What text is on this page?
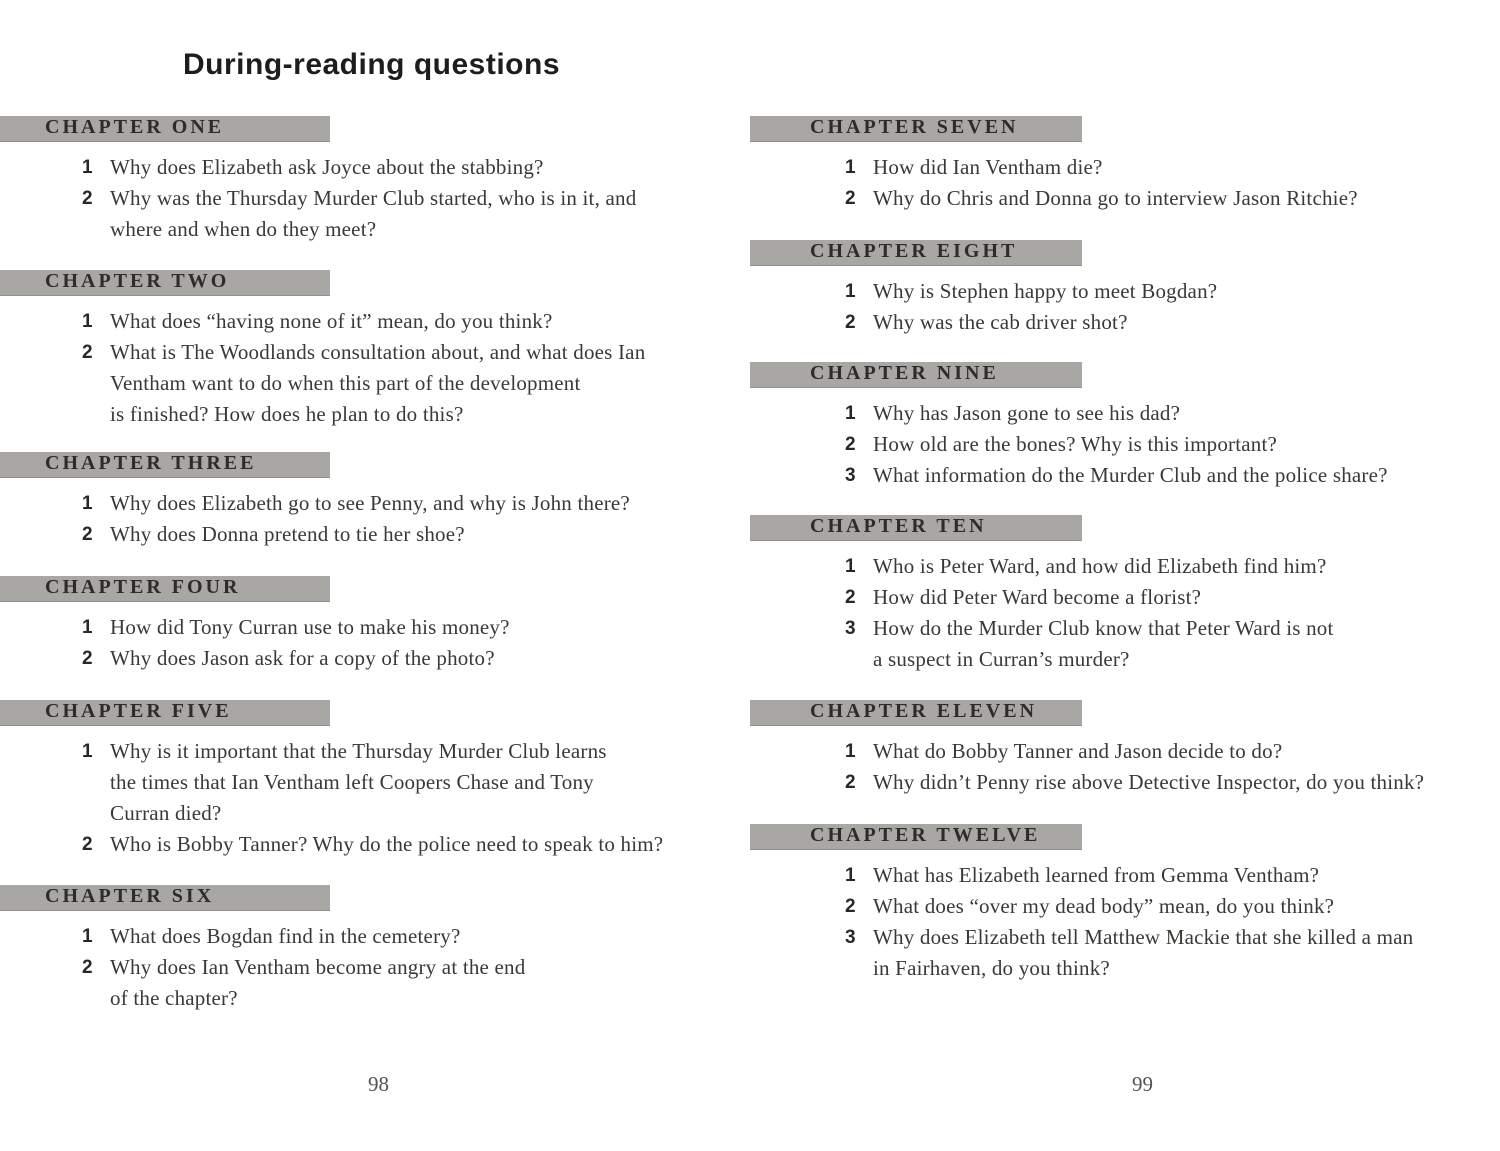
During-reading questions
CHAPTER ONE
1 Why does Elizabeth ask Joyce about the stabbing?
2 Why was the Thursday Murder Club started, who is in it, and
where and when do they meet?
CHAPTER TWO
1 What does “having none of it” mean, do you think?
2 What is The Woodlands consultation about, and what does Ian
Ventham want to do when this part of the development
is finished? How does he plan to do this?
CHAPTER THREE
1 Why does Elizabeth go to see Penny, and why is John there?
2 Why does Donna pretend to tie her shoe?
CHAPTER FOUR
1 How did Tony Curran use to make his money?
2 Why does Jason ask for a copy of the photo?
CHAPTER FIVE
1 Why is it important that the Thursday Murder Club learns
the times that Ian Ventham left Coopers Chase and Tony
Curran died?
2 Who is Bobby Tanner? Why do the police need to speak to him?
CHAPTER SIX
1 What does Bogdan find in the cemetery?
2 Why does Ian Ventham become angry at the end
of the chapter?
CHAPTER SEVEN
1 How did Ian Ventham die?
2 Why do Chris and Donna go to interview Jason Ritchie?
CHAPTER EIGHT
1 Why is Stephen happy to meet Bogdan?
2 Why was the cab driver shot?
CHAPTER NINE
1 Why has Jason gone to see his dad?
2 How old are the bones? Why is this important?
3 What information do the Murder Club and the police share?
CHAPTER TEN
1 Who is Peter Ward, and how did Elizabeth find him?
2 How did Peter Ward become a florist?
3 How do the Murder Club know that Peter Ward is not
a suspect in Curran’s murder?
CHAPTER ELEVEN
1 What do Bobby Tanner and Jason decide to do?
2 Why didn’t Penny rise above Detective Inspector, do you think?
CHAPTER TWELVE
1 What has Elizabeth learned from Gemma Ventham?
2 What does “over my dead body” mean, do you think?
3 Why does Elizabeth tell Matthew Mackie that she killed a man
in Fairhaven, do you think?
98	99
